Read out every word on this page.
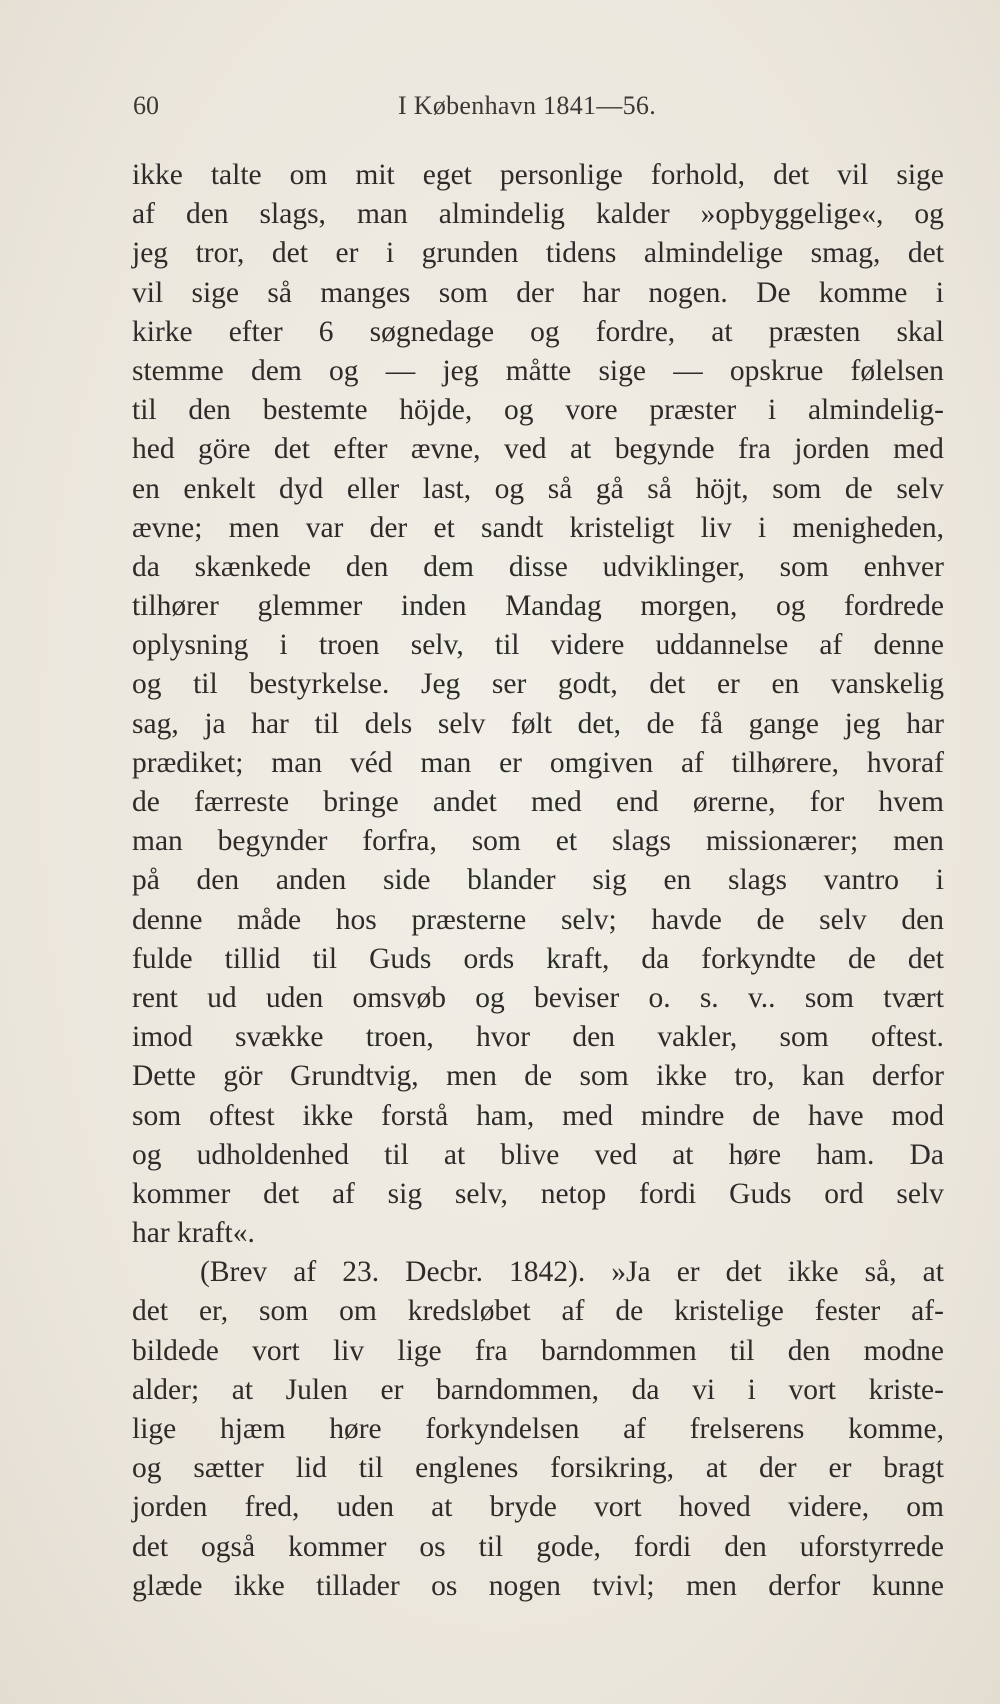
60	I København 1841—56.
ikke talte om mit eget personlige forhold, det vil sige
af den slags, man almindelig kalder »opbyggelige«, og
jeg tror, det er i grunden tidens almindelige smag, det
vil sige så manges som der har nogen. De komme i
kirke efter 6 søgnedage og fordre, at præsten skal
stemme dem og — jeg måtte sige — opskrue følelsen
til den bestemte höjde, og vore præster i almindelig-
hed göre det efter ævne, ved at begynde fra jorden med
en enkelt dyd eller last, og så gå så höjt, som de selv
ævne; men var der et sandt kristeligt liv i menigheden,
da skænkede den dem disse udviklinger, som enhver
tilhører glemmer inden Mandag morgen, og fordrede
oplysning i troen selv, til videre uddannelse af denne
og til bestyrkelse. Jeg ser godt, det er en vanskelig
sag, ja har til dels selv følt det, de få gange jeg har
prædiket; man véd man er omgiven af tilhørere, hvoraf
de færreste bringe andet med end ørerne, for hvem
man begynder forfra, som et slags missionærer; men
på den anden side blander sig en slags vantro i
denne måde hos præsterne selv; havde de selv den
fulde tillid til Guds ords kraft, da forkyndte de det
rent ud uden omsvøb og beviser o. s. v.. som tvært
imod svække troen, hvor den vakler, som oftest.
Dette gör Grundtvig, men de som ikke tro, kan derfor
som oftest ikke forstå ham, med mindre de have mod
og udholdenhed til at blive ved at høre ham. Da
kommer det af sig selv, netop fordi Guds ord selv
har kraft«.
(Brev af 23. Decbr. 1842). »Ja er det ikke så, at
det er, som om kredsløbet af de kristelige fester af-
bildede vort liv lige fra barndommen til den modne
alder; at Julen er barndommen, da vi i vort kriste-
lige hjæm høre forkyndelsen af frelserens komme,
og sætter lid til englenes forsikring, at der er bragt
jorden fred, uden at bryde vort hoved videre, om
det også kommer os til gode, fordi den uforstyrrede
glæde ikke tillader os nogen tvivl; men derfor kunne
